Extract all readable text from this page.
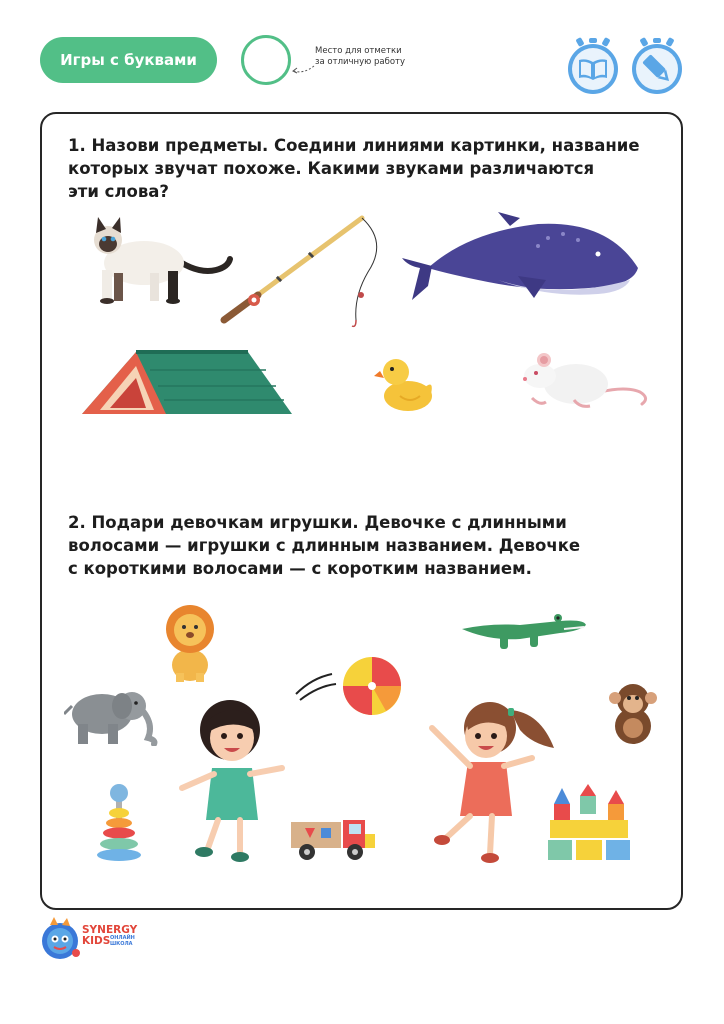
Игры с буквами	Место для отметки
за отличную работу
1. Назови предметы. Соедини линиями картинки, название
которых звучат похоже. Какими звуками различаются
эти слова?
2. Подари девочкам игрушки. Девочке с длинными
волосами — игрушки с длинным названием. Девочке
с короткими волосами — с коротким названием.
SYNERGY
KIDS ОНЛАЙН
ШКОЛА
